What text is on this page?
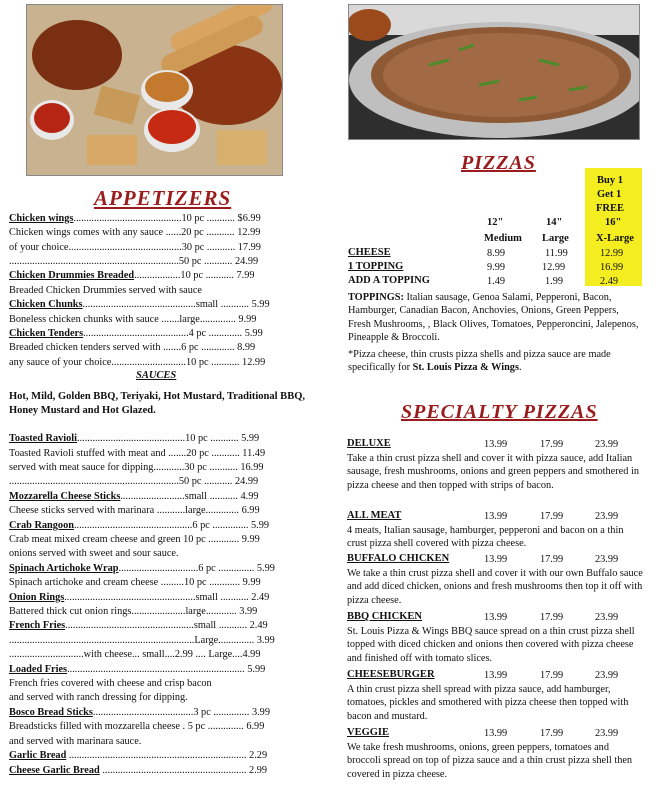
APPETIZERS
Chicken wings..........................................10 pc ........... $6.99
Chicken wings comes with any sauce ......20 pc ........... 12.99
of your choice............................................30 pc ........... 17.99
..................................................................50 pc ........... 24.99
Chicken Drummies Breaded..................10 pc ........... 7.99
Breaded Chicken Drummies served with sauce
Chicken Chunks............................................small ........... 5.99
Boneless chicken chunks with sauce .......large.............. 9.99
Chicken Tenders.........................................4 pc ............. 5.99
Breaded chicken tenders served with .......6 pc ............. 8.99
any sauce of your choice.............................10 pc ........... 12.99
SAUCES
Hot, Mild, Golden BBQ, Teriyaki, Hot Mustard, Traditional BBQ, Honey Mustard and Hot Glazed.
Toasted Ravioli..........................................10 pc ........... 5.99
Toasted Ravioli stuffed with meat and .......20 pc ........... 11.49
served with meat sauce for dipping............30 pc ........... 16.99
..................................................................50 pc ........... 24.99
Mozzarella Cheese Sticks.........................small ........... 4.99
Cheese sticks served with marinara ...........large............. 6.99
Crab Rangoon..............................................6 pc .............. 5.99
Crab meat mixed cream cheese and green 10 pc ............ 9.99
onions served with sweet and sour sauce.
Spinach Artichoke Wrap...............................6 pc .............. 5.99
Spinach artichoke and cream cheese .........10 pc ............ 9.99
Onion Rings...................................................small ........... 2.49
Battered thick cut onion rings.....................large............ 3.99
French Fries..................................................small ........... 2.49
........................................................................Large.............. 3.99
.............................with cheese... small....2.99 .... Large....4.99
Loaded Fries..................................................................... 5.99
French fries covered with cheese and crisp bacon
and served with ranch dressing for dipping.
Bosco Bread Sticks.......................................3 pc .............. 3.99
Breadsticks filled with mozzarella cheese . 5 pc .............. 6.99
and served with marinara sauce.
Garlic Bread ..................................................................... 2.29
Cheese Garlic Bread ........................................................ 2.99
PIZZAS
Buy 1
Get 1
FREE
12"
Medium
14"
Large
16"
X-Large
CHEESE	8.99	11.99	12.99
1 TOPPING	9.99	12.99	16.99
ADD A TOPPING	1.49	1.99	2.49
TOPPINGS: Italian sausage, Genoa Salami, Pepperoni, Bacon, Hamburger, Canadian Bacon, Anchovies, Onions, Green Peppers, Fresh Mushrooms, , Black Olives, Tomatoes, Pepperoncini, Jalepenos, Pineapple & Broccoli.
*Pizza cheese, thin crusts pizza shells and pizza sauce are made specifically for St. Louis Pizza & Wings.
SPECIALTY PIZZAS
DELUXE	13.99	17.99	23.99
Take a thin crust pizza shell and cover it with pizza sauce, add Italian sausage, fresh mushrooms, onions and green peppers and smothered in pizza cheese and then topped with strips of bacon.
ALL MEAT	13.99	17.99	23.99
4 meats, Italian sausage, hamburger, pepperoni and bacon on a thin crust pizza shell covered with pizza cheese.
BUFFALO CHICKEN	13.99	17.99	23.99
We take a thin crust pizza shell and cover it with our own Buffalo sauce and add diced chicken, onions and fresh mushrooms then top it off with pizza cheese.
BBQ CHICKEN	13.99	17.99	23.99
St. Louis Pizza & Wings BBQ sauce spread on a thin crust pizza shell topped with diced chicken and onions then covered with pizza cheese and finished off with tomato slices.
CHEESEBURGER	13.99	17.99	23.99
A thin crust pizza shell spread with pizza sauce, add hamburger, tomatoes, pickles and smothered with pizza cheese then topped with bacon and mustard.
VEGGIE	13.99	17.99	23.99
We take fresh mushrooms, onions, green peppers, tomatoes and broccoli spread on top of pizza sauce and a thin crust pizza shell then covered in pizza cheese.
